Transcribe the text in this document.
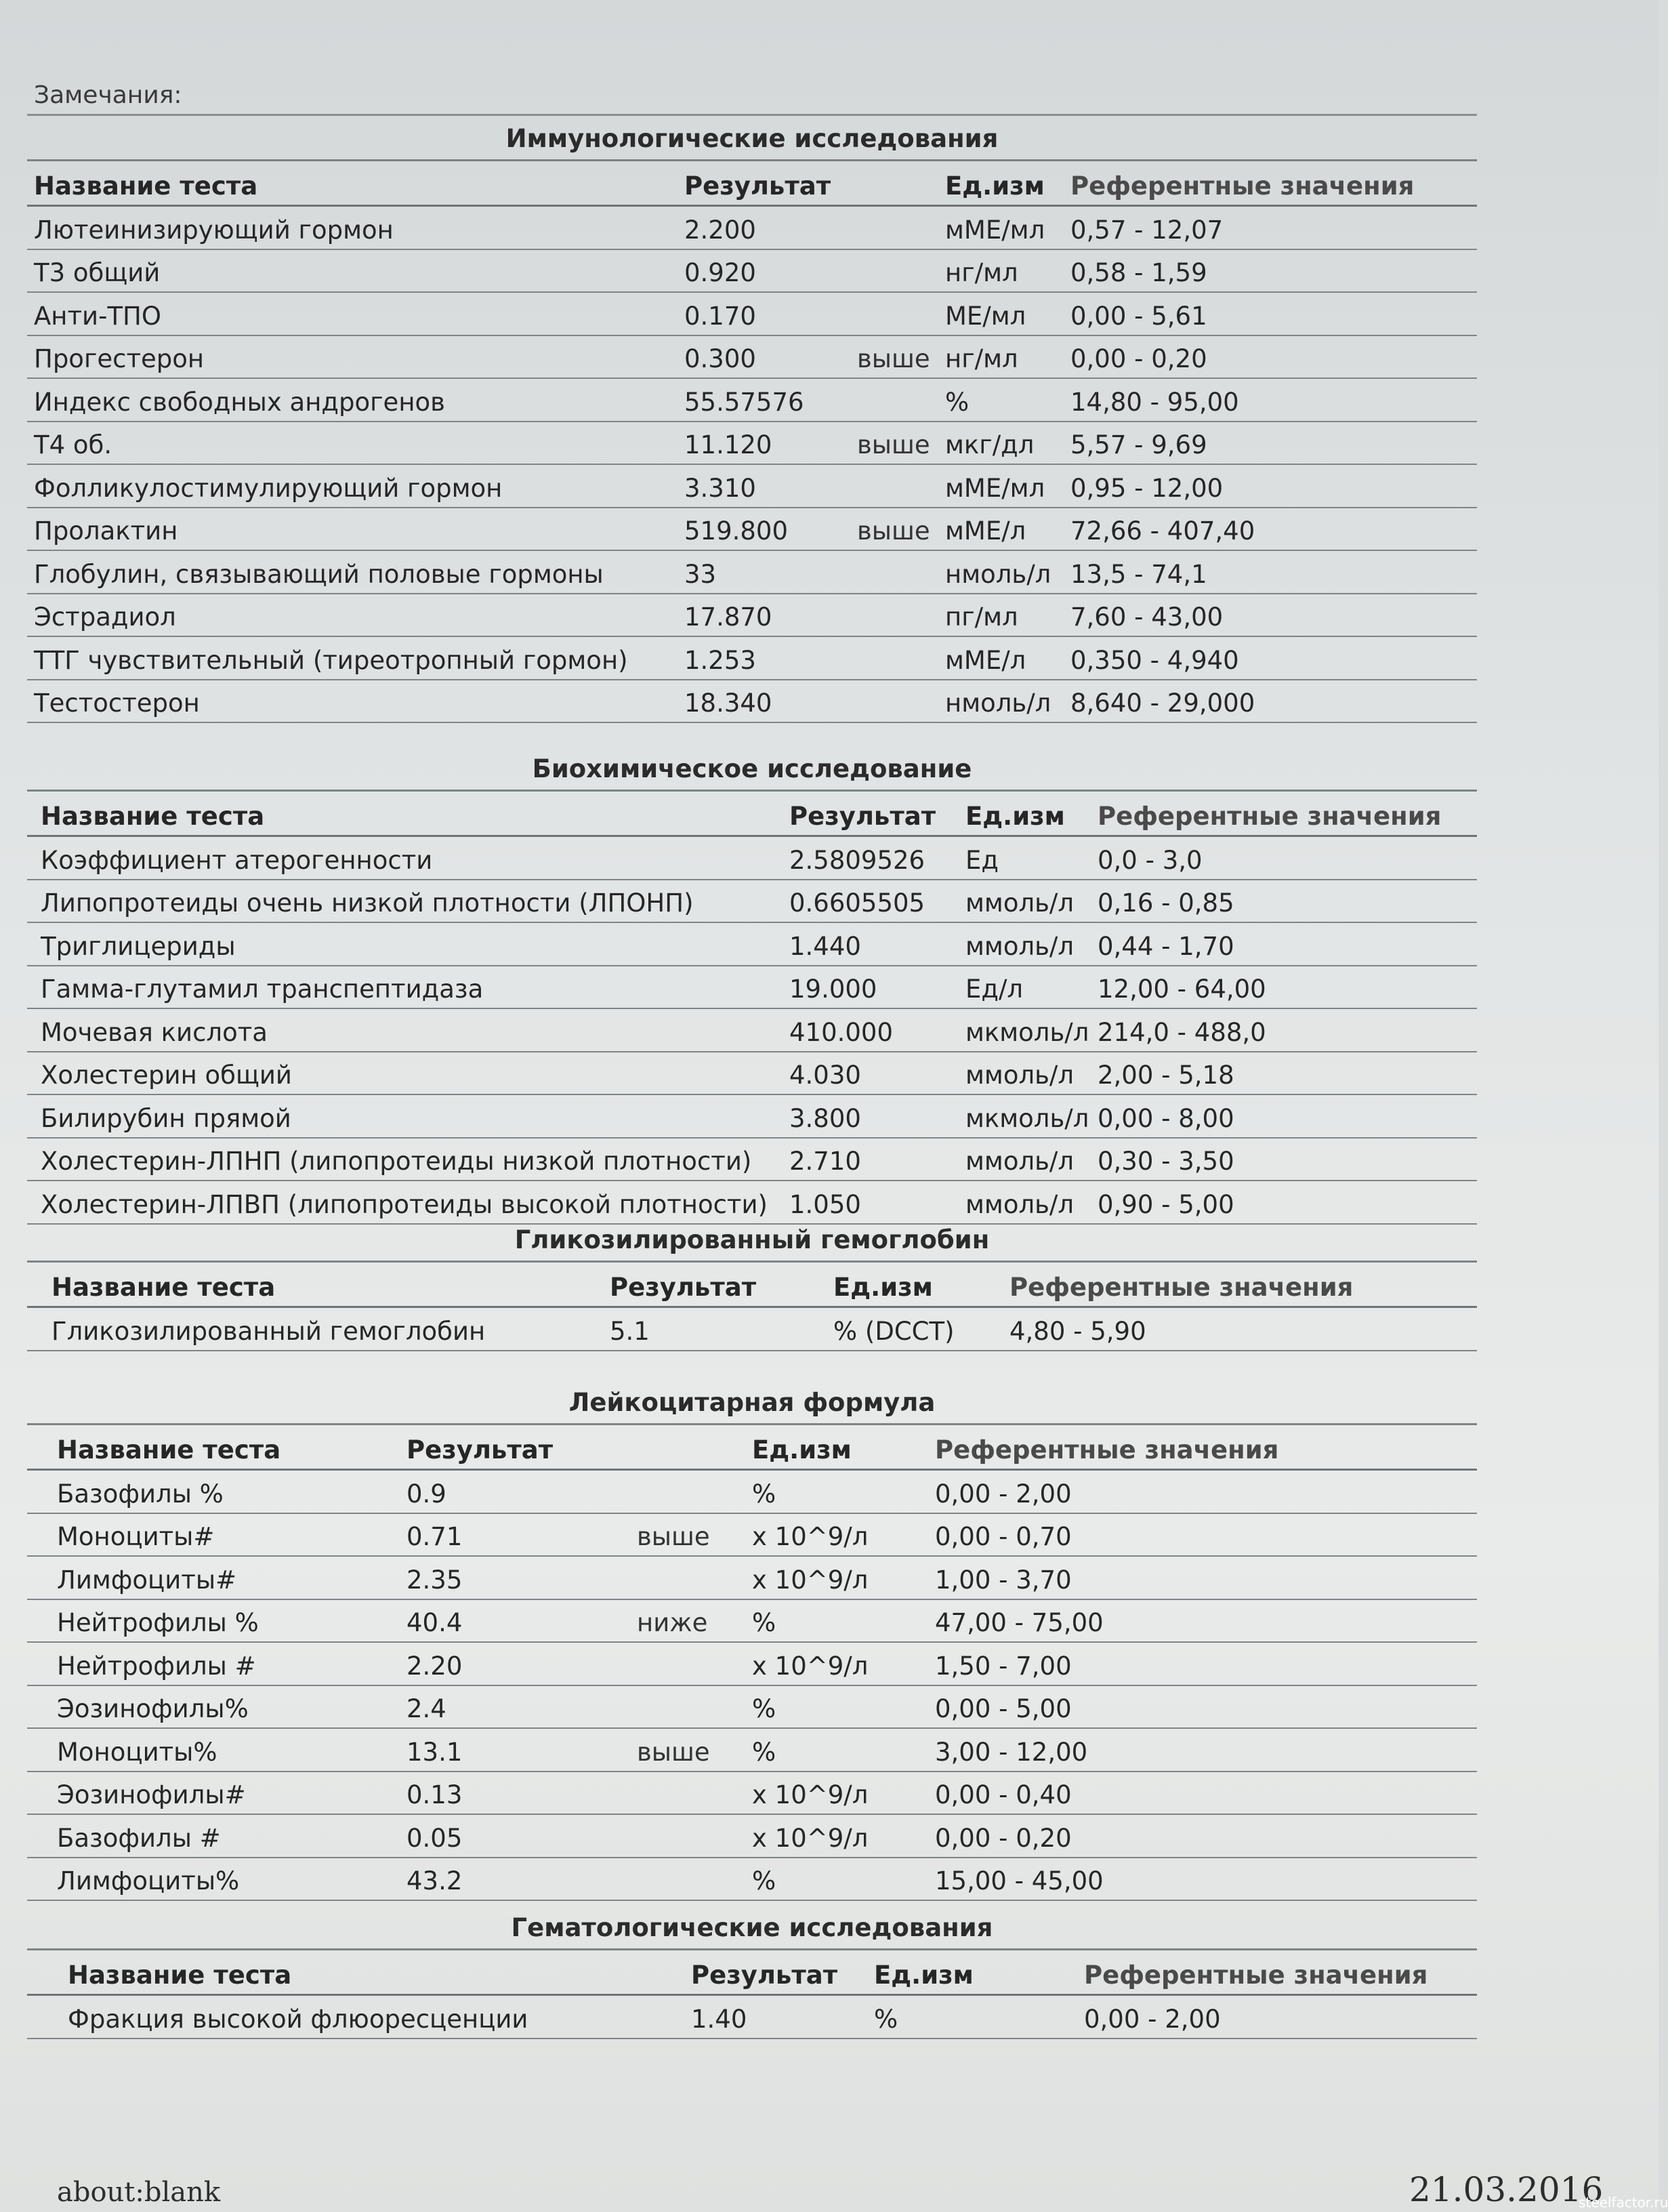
Замечания:
Иммунологические исследования
Название теста	Результат	Ед.изм Референтные значения
Лютеинизирующий гормон	2.200	мМЕ/мл 0,57 - 12,07
Т3 общий	0.920	нг/мл 0,58 - 1,59
Анти-ТПО	0.170	МЕ/мл 0,00 - 5,61
Прогестерон	0.300	выше нг/мл 0,00 - 0,20
Индекс свободных андрогенов	55.57576	%	14,80 - 95,00
Т4 об.	11.120	выше мкг/дл 5,57 - 9,69
Фолликулостимулирующий гормон	3.310	мМЕ/мл 0,95 - 12,00
Пролактин	519.800	выше мМЕ/л 72,66 - 407,40
Глобулин, связывающий половые гормоны	33	нмоль/л 13,5 - 74,1
Эстрадиол	17.870	пг/мл 7,60 - 43,00
ТТГ чувствительный (тиреотропный гормон) 1.253	мМЕ/л 0,350 - 4,940
Тестостерон	18.340	нмоль/л 8,640 - 29,000
Биохимическое исследование
Название теста	Результат Ед.изм Референтные значения
Коэффициент атерогенности	2.5809526 Ед	0,0 - 3,0
Липопротеиды очень низкой плотности (ЛПОНП)	0.6605505 ммоль/л 0,16 - 0,85
Триглицериды	1.440	ммоль/л 0,44 - 1,70
Гамма-глутамил транспептидаза	19.000	Ед/л	12,00 - 64,00
Мочевая кислота	410.000	мкмоль/л 214,0 - 488,0
Холестерин общий	4.030	ммоль/л 2,00 - 5,18
Билирубин прямой	3.800	мкмоль/л 0,00 - 8,00
Холестерин-ЛПНП (липопротеиды низкой плотности) 2.710	ммоль/л 0,30 - 3,50
Холестерин-ЛПВП (липопротеиды высокой плотности) 1.050	ммоль/л 0,90 - 5,00
Гликозилированный гемоглобин
Название теста	Результат	Ед.изм	Референтные значения
Гликозилированный гемоглобин	5.1	% (DCCT) 4,80 - 5,90
Лейкоцитарная формула
Название теста	Результат	Ед.изм	Референтные значения
Базофилы %	0.9	%	0,00 - 2,00
Моноциты#	0.71	выше x 10^9/л	0,00 - 0,70
Лимфоциты#	2.35	x 10^9/л	1,00 - 3,70
Нейтрофилы %	40.4	ниже %	47,00 - 75,00
Нейтрофилы #	2.20	x 10^9/л	1,50 - 7,00
Эозинофилы%	2.4	%	0,00 - 5,00
Моноциты%	13.1	выше %	3,00 - 12,00
Эозинофилы#	0.13	x 10^9/л	0,00 - 0,40
Базофилы #	0.05	x 10^9/л	0,00 - 0,20
Лимфоциты%	43.2	%	15,00 - 45,00
Гематологические исследования
Название теста	Результат Ед.изм	Референтные значения
Фракция высокой флюоресценции	1.40	%	0,00 - 2,00
about:blank	21.03.2016
steelfactor.ru
